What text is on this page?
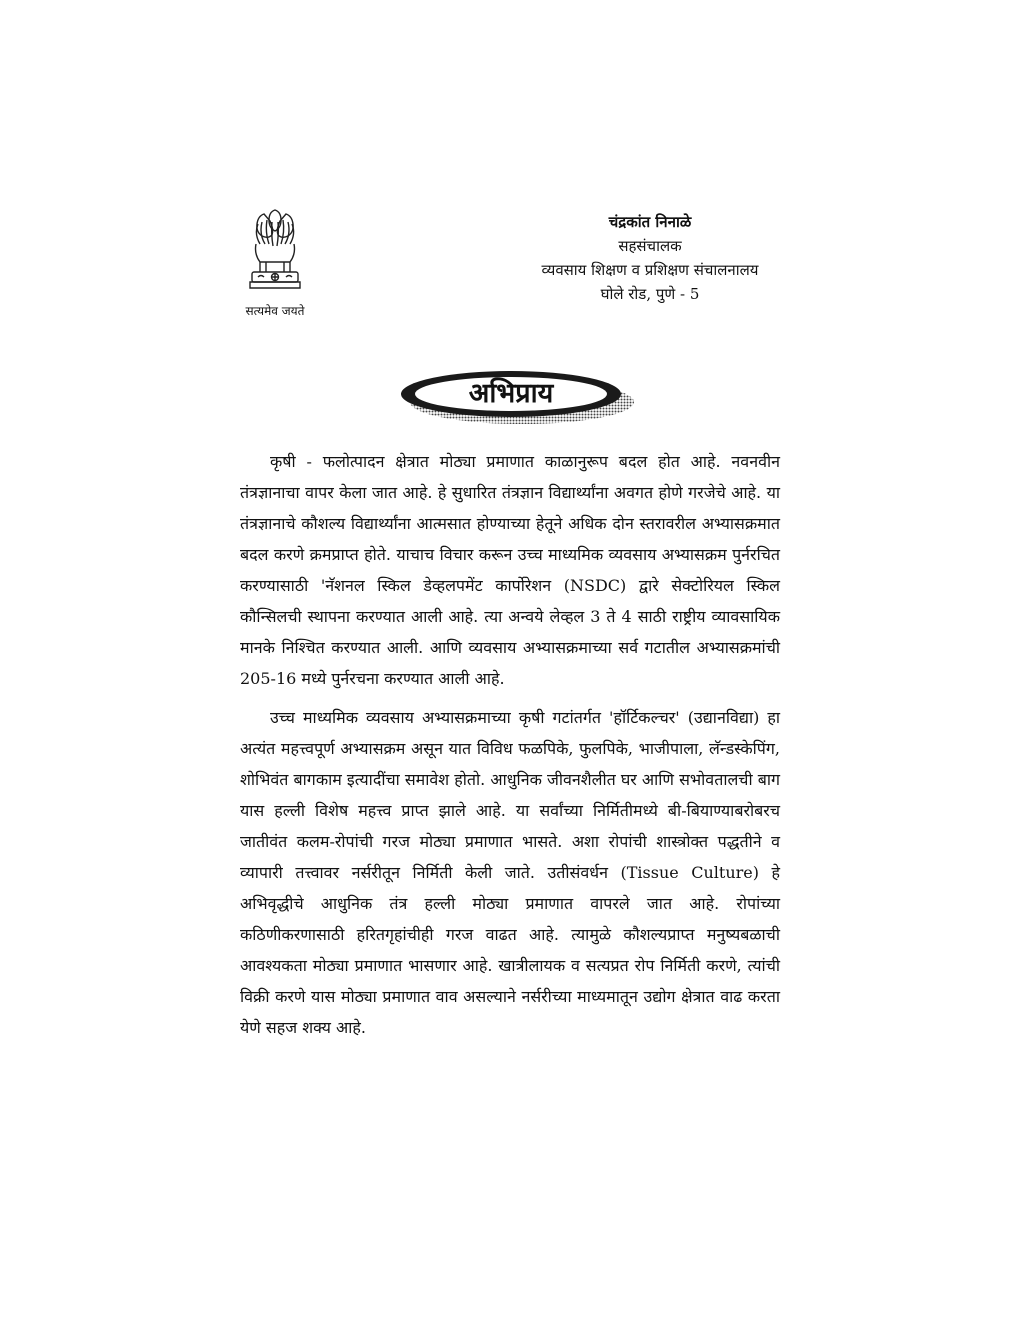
सत्यमेव जयते
चंद्रकांत निनाळे
सहसंचालक
व्यवसाय शिक्षण व प्रशिक्षण संचालनालय
घोले रोड, पुणे - 5
अभिप्राय

कृषी - फलोत्पादन क्षेत्रात मोठ्या प्रमाणात काळानुरूप बदल होत आहे. नवनवीन तंत्रज्ञानाचा वापर केला जात आहे. हे सुधारित तंत्रज्ञान विद्यार्थ्यांना अवगत होणे गरजेचे आहे. या तंत्रज्ञानाचे कौशल्य विद्यार्थ्यांना आत्मसात होण्याच्या हेतूने अधिक दोन स्तरावरील अभ्यासक्रमात बदल करणे क्रमप्राप्त होते. याचाच विचार करून उच्च माध्यमिक व्यवसाय अभ्यासक्रम पुर्नरचित करण्यासाठी 'नॅशनल स्किल डेव्हलपमेंट कार्पोरेशन (NSDC) द्वारे सेक्टोरियल स्किल कौन्सिलची स्थापना करण्यात आली आहे. त्या अन्वये लेव्हल 3 ते 4 साठी राष्ट्रीय व्यावसायिक मानके निश्चित करण्यात आली. आणि व्यवसाय अभ्यासक्रमाच्या सर्व गटातील अभ्यासक्रमांची 205-16 मध्ये पुर्नरचना करण्यात आली आहे.

उच्च माध्यमिक व्यवसाय अभ्यासक्रमाच्या कृषी गटांतर्गत 'हॉर्टिकल्चर' (उद्यानविद्या) हा अत्यंत महत्त्वपूर्ण अभ्यासक्रम असून यात विविध फळपिके, फुलपिके, भाजीपाला, लॅन्डस्केपिंग, शोभिवंत बागकाम इत्यादींचा समावेश होतो. आधुनिक जीवनशैलीत घर आणि सभोवतालची बाग यास हल्ली विशेष महत्त्व प्राप्त झाले आहे. या सर्वांच्या निर्मितीमध्ये बी-बियाण्याबरोबरच जातीवंत कलम-रोपांची गरज मोठ्या प्रमाणात भासते. अशा रोपांची शास्त्रोक्त पद्धतीने व व्यापारी तत्त्वावर नर्सरीतून निर्मिती केली जाते. उतीसंवर्धन (Tissue Culture) हे अभिवृद्धीचे आधुनिक तंत्र हल्ली मोठ्या प्रमाणात वापरले जात आहे. रोपांच्या कठिणीकरणासाठी हरितगृहांचीही गरज वाढत आहे. त्यामुळे कौशल्यप्राप्त मनुष्यबळाची आवश्यकता मोठ्या प्रमाणात भासणार आहे. खात्रीलायक व सत्यप्रत रोप निर्मिती करणे, त्यांची विक्री करणे यास मोठ्या प्रमाणात वाव असल्याने नर्सरीच्या माध्यमातून उद्योग क्षेत्रात वाढ करता येणे सहज शक्य आहे.
